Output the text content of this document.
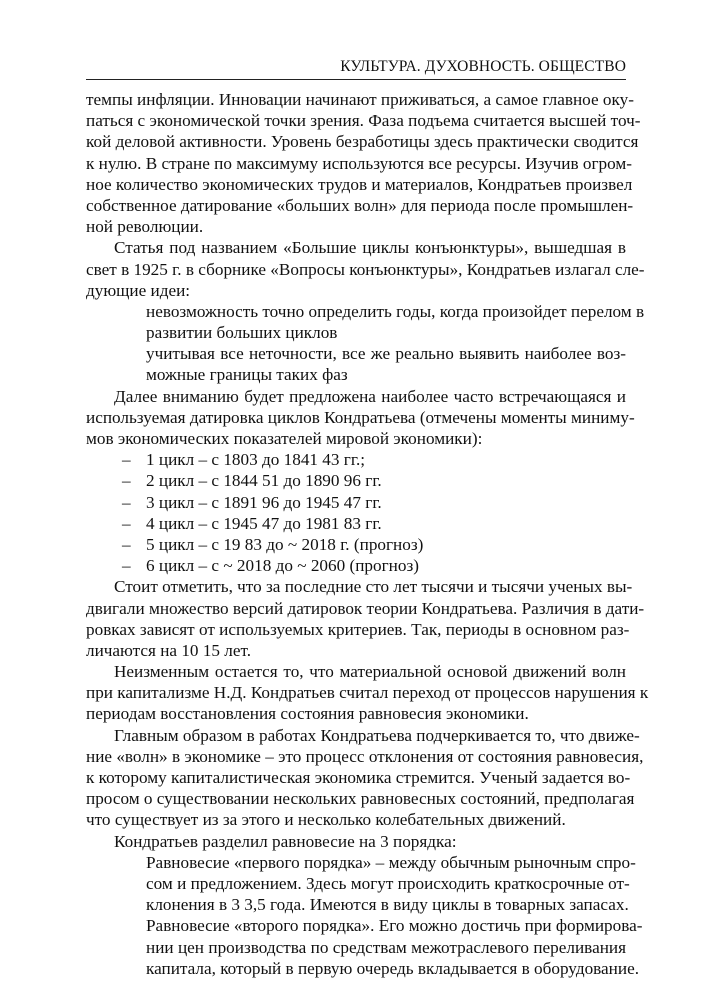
КУЛЬТУРА. ДУХОВНОСТЬ. ОБЩЕСТВО
темпы инфляции. Инновации начинают приживаться, а самое главное оку-
паться с экономической точки зрения. Фаза подъема считается высшей точ-
кой деловой активности. Уровень безработицы здесь практически сводится
к нулю. В стране по максимуму используются все ресурсы. Изучив огром-
ное количество экономических трудов и материалов, Кондратьев произвел
собственное датирование «больших волн» для периода после промышлен-
ной революции.
Статья под названием «Большие циклы конъюнктуры», вышедшая в
свет в 1925 г. в сборнике «Вопросы конъюнктуры», Кондратьев излагал сле-
дующие идеи:
невозможность точно определить годы, когда произойдет перелом в
развитии больших циклов
учитывая все неточности, все же реально выявить наиболее воз-
можные границы таких фаз
Далее вниманию будет предложена наиболее часто встречающаяся и
используемая датировка циклов Кондратьева (отмечены моменты миниму-
мов экономических показателей мировой экономики):
– 1 цикл – с 1803 до 1841 43 гг.;
– 2 цикл – с 1844 51 до 1890 96 гг.
– 3 цикл – с 1891 96 до 1945 47 гг.
– 4 цикл – с 1945 47 до 1981 83 гг.
– 5 цикл – с 19 83 до ~ 2018 г. (прогноз)
– 6 цикл – с ~ 2018 до ~ 2060 (прогноз)
Стоит отметить, что за последние сто лет тысячи и тысячи ученых вы-
двигали множество версий датировок теории Кондратьева. Различия в дати-
ровках зависят от используемых критериев. Так, периоды в основном раз-
личаются на 10 15 лет.
Неизменным остается то, что материальной основой движений волн
при капитализме Н.Д. Кондратьев считал переход от процессов нарушения к
периодам восстановления состояния равновесия экономики.
Главным образом в работах Кондратьева подчеркивается то, что движе-
ние «волн» в экономике – это процесс отклонения от состояния равновесия,
к которому капиталистическая экономика стремится. Ученый задается во-
просом о существовании нескольких равновесных состояний, предполагая
что существует из за этого и несколько колебательных движений.
Кондратьев разделил равновесие на 3 порядка:
Равновесие «первого порядка» – между обычным рыночным спро-
сом и предложением. Здесь могут происходить краткосрочные от-
клонения в 3 3,5 года. Имеются в виду циклы в товарных запасах.
Равновесие «второго порядка». Его можно достичь при формирова-
нии цен производства по средствам межотраслевого переливания
капитала, который в первую очередь вкладывается в оборудование.
